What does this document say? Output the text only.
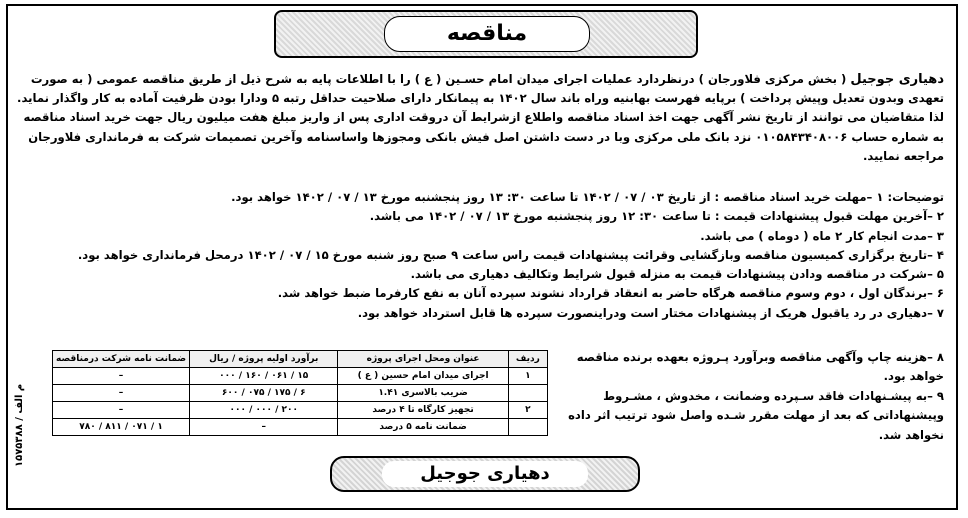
مناقصه

دهیاری جوجیل ( بخش مرکزی فلاورجان ) درنظردارد عملیات اجرای میدان امام حسـین ( ع ) را با اطلاعات پایه به شرح ذیل از طریق مناقصه عمومی ( به صورت تعهدی وبدون تعدیل وپیش پرداخت ) برپایه فهرست بهابنیه وراه باند سال ۱۴۰۲ به پیمانکار دارای صلاحیت حداقل رتبه ۵ ودارا بودن ظرفیت آماده به کار واگذار نماید. لذا متقاضیان می توانند از تاریخ نشر آگهی جهت اخذ اسناد مناقصه واطلاع ازشرایط آن دروقت اداری پس از واریز مبلغ هفت میلیون ریال جهت خرید اسناد مناقصه به شماره حساب ۰۱۰۵۸۴۳۴۰۸۰۰۶ نزد بانک ملی مرکزی وبا در دست داشتن اصل فیش بانکی ومجوزها واساسنامه وآخرین تصمیمات شرکت به فرمانداری فلاورجان مراجعه نمایید.

توضیحات: ۱ –مهلت خرید اسناد مناقصه : از تاریخ ۰۳ / ۰۷ / ۱۴۰۲ تا ساعت ۳۰: ۱۳ روز پنجشنبه مورخ ۱۳ / ۰۷ / ۱۴۰۲ خواهد بود.
۲ –آخرین مهلت قبول پیشنهادات قیمت : تا ساعت ۳۰: ۱۲ روز پنجشنبه مورخ ۱۳ / ۰۷ / ۱۴۰۲ می باشد.
۳ –مدت انجام کار ۲ ماه ( دوماه ) می باشد.
۴ –تاریخ برگزاری کمیسیون مناقصه وبازگشایی وقرائت پیشنهادات قیمت راس ساعت ۹ صبح روز شنبه مورخ ۱۵ / ۰۷ / ۱۴۰۲ درمحل فرمانداری خواهد بود.
۵ –شرکت در مناقصه ودادن پیشنهادات قیمت به منزله قبول شرایط وتکالیف دهیاری می باشد.
۶ –برندگان اول ، دوم وسوم مناقصه هرگاه حاضر به انعقاد قرارداد نشوند سپرده آنان به نفع کارفرما ضبط خواهد شد.
۷ –دهیاری در رد یاقبول هریک از پیشنهادات مختار است ودراینصورت سپرده ها قابل استرداد خواهد بود.
۸ –هزینه چاپ وآگهی مناقصه وبرآورد پـروژه بعهده برنده مناقصه خواهد بود.
۹ –به پیشـنهادات فاقد سـپرده وضمانت ، مخدوش ، مشـروط وپیشنهاداتی که بعد از مهلت مقرر شـده واصل شود ترتیب اثر داده نخواهد شد.
ردیف	عنوان ومحل اجرای پروژه	برآورد اولیه پروژه / ریال	ضمانت نامه شرکت درمناقصه
۱	اجرای میدان امام حسین ( ع )	۱۵ / ۰۶۱ / ۱۶۰ / ۰۰۰	–
	ضریب بالاسری ۱.۴۱	۶ / ۱۷۵ / ۰۷۵ / ۶۰۰	–
۲	تجهیز کارگاه تا ۴ درصد	۲۰۰ / ۰۰۰ / ۰۰۰	–
	ضمانت نامه ۵ درصد	–	۱ / ۰۷۱ / ۸۱۱ / ۷۸۰
۱۵۷۵۳۸۸ / م الف
دهیاری جوجیل
